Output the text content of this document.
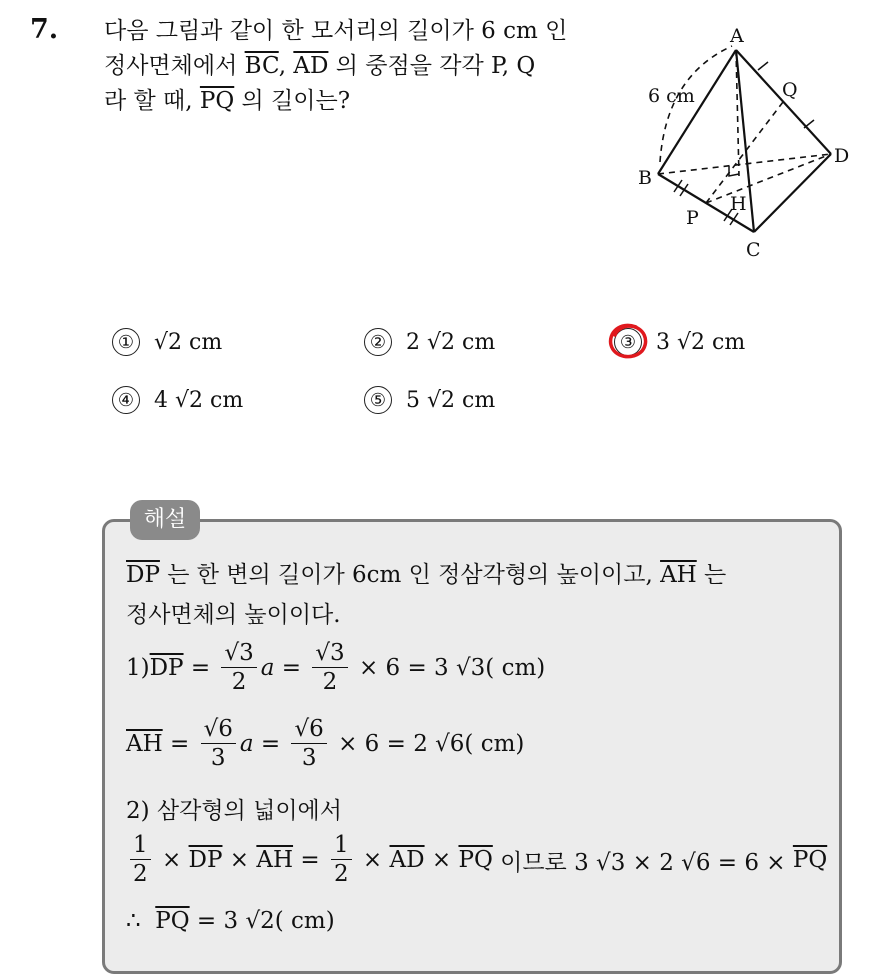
7. 다음 그림과 같이 한 모서리의 길이가 6 cm 인
정사면체에서 $\overline{BC}$, $\overline{AD}$ 의 중점을 각각 P, Q
라 할 때, $\overline{PQ}$ 의 길이는?
A
B
C
D
P
Q
H
6 cm
① √2 cm	② 2 √2 cm	③ 3 √2 cm
④ 4 √2 cm	⑤ 5 √2 cm
해설
$\overline{DP}$ 는 한 변의 길이가 6cm 인 정삼각형의 높이이고, $\overline{AH}$ 는
정사면체의 높이이다.
1) $\overline{DP} = \frac{√3}{2}$ $a = \frac{√3}{2} \times 6 = 3$ √3( cm)
$\overline{AH} = \frac{√6}{3}$ $a = \frac{√6}{3} \times 6 = 2$ √6( cm)
2) 삼각형의 넓이에서
$\frac{1}{2} \times \overline{DP} \times \overline{AH} = \frac{1}{2} \times \overline{AD} \times \overline{PQ}$ 이므로 3 √3 × 2 $√6 = 6 \times \overline{PQ}$
∴  $\overline{PQ} = 3$ √2( cm)
